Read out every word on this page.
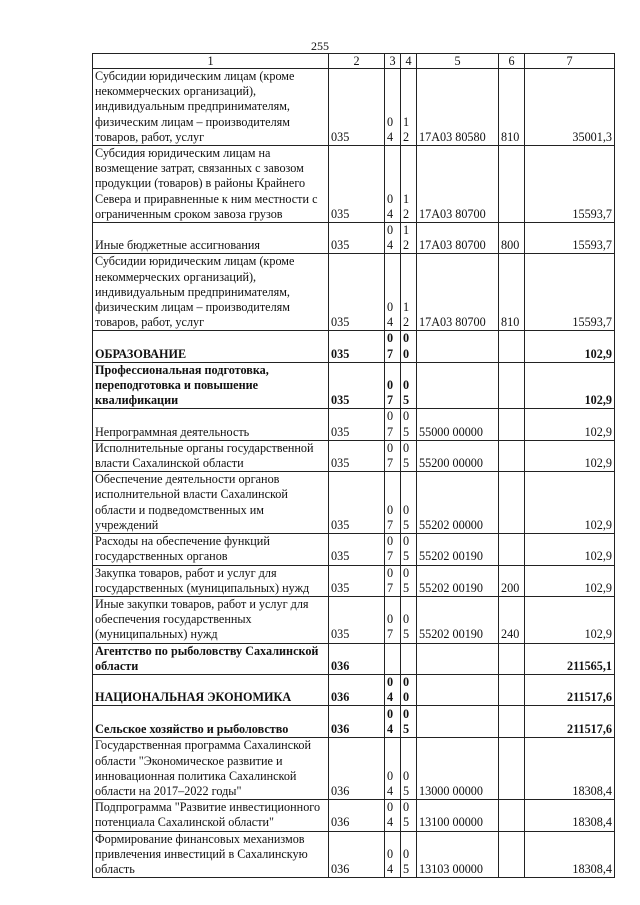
255
1	2	3	4	5	6	7
Субсидии юридическим лицам (кроме некоммерческих организаций), индивидуальным предпринимателям, физическим лицам – производителям товаров, работ, услуг	035	04	12	17А03 80580	810	35001,3
Субсидия юридическим лицам на возмещение затрат, связанных с завозом продукции (товаров) в районы Крайнего Севера и приравненные к ним местности с ограниченным сроком завоза грузов	035	04	12	17А03 80700		15593,7
Иные бюджетные ассигнования	035	04	12	17А03 80700	800	15593,7
Субсидии юридическим лицам (кроме некоммерческих организаций), индивидуальным предпринимателям, физическим лицам – производителям товаров, работ, услуг	035	04	12	17А03 80700	810	15593,7
ОБРАЗОВАНИЕ	035	07	00			102,9
Профессиональная подготовка, переподготовка и повышение квалификации	035	07	05			102,9
Непрограммная деятельность	035	07	05	55000 00000		102,9
Исполнительные органы государственной власти Сахалинской области	035	07	05	55200 00000		102,9
Обеспечение деятельности органов исполнительной власти Сахалинской области и подведомственных им учреждений	035	07	05	55202 00000		102,9
Расходы на обеспечение функций государственных органов	035	07	05	55202 00190		102,9
Закупка товаров, работ и услуг для государственных (муниципальных) нужд	035	07	05	55202 00190	200	102,9
Иные закупки товаров, работ и услуг для обеспечения государственных (муниципальных) нужд	035	07	05	55202 00190	240	102,9
Агентство по рыболовству Сахалинской области	036					211565,1
НАЦИОНАЛЬНАЯ ЭКОНОМИКА	036	04	00			211517,6
Сельское хозяйство и рыболовство	036	04	05			211517,6
Государственная программа Сахалинской области "Экономическое развитие и инновационная политика Сахалинской области на 2017–2022 годы"	036	04	05	13000 00000		18308,4
Подпрограмма "Развитие инвестиционного потенциала Сахалинской области"	036	04	05	13100 00000		18308,4
Формирование финансовых механизмов привлечения инвестиций в Сахалинскую область	036	04	05	13103 00000		18308,4
